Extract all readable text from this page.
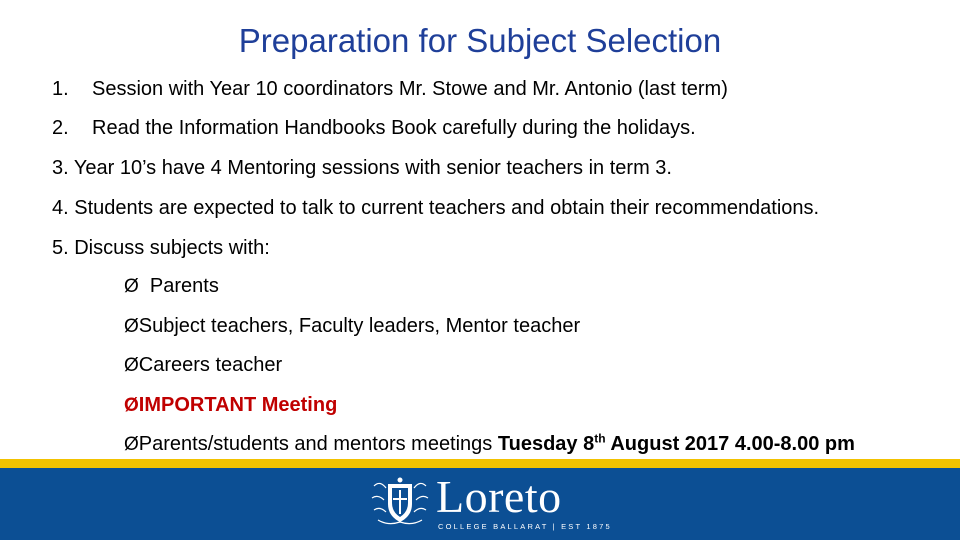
Preparation for Subject Selection
1. Session with Year 10 coordinators Mr. Stowe and Mr. Antonio (last term)
2. Read the Information Handbooks Book carefully during the holidays.
3. Year 10’s have 4 Mentoring sessions with senior teachers in term 3.
4. Students are expected to talk to current teachers and obtain their recommendations.
5. Discuss subjects with:
Ø Parents
ØSubject teachers, Faculty leaders, Mentor teacher
ØCareers teacher
ØIMPORTANT Meeting
ØParents/students and mentors meetings Tuesday 8th August 2017 4.00-8.00 pm
Loreto
COLLEGE BALLARAT | EST 1875
